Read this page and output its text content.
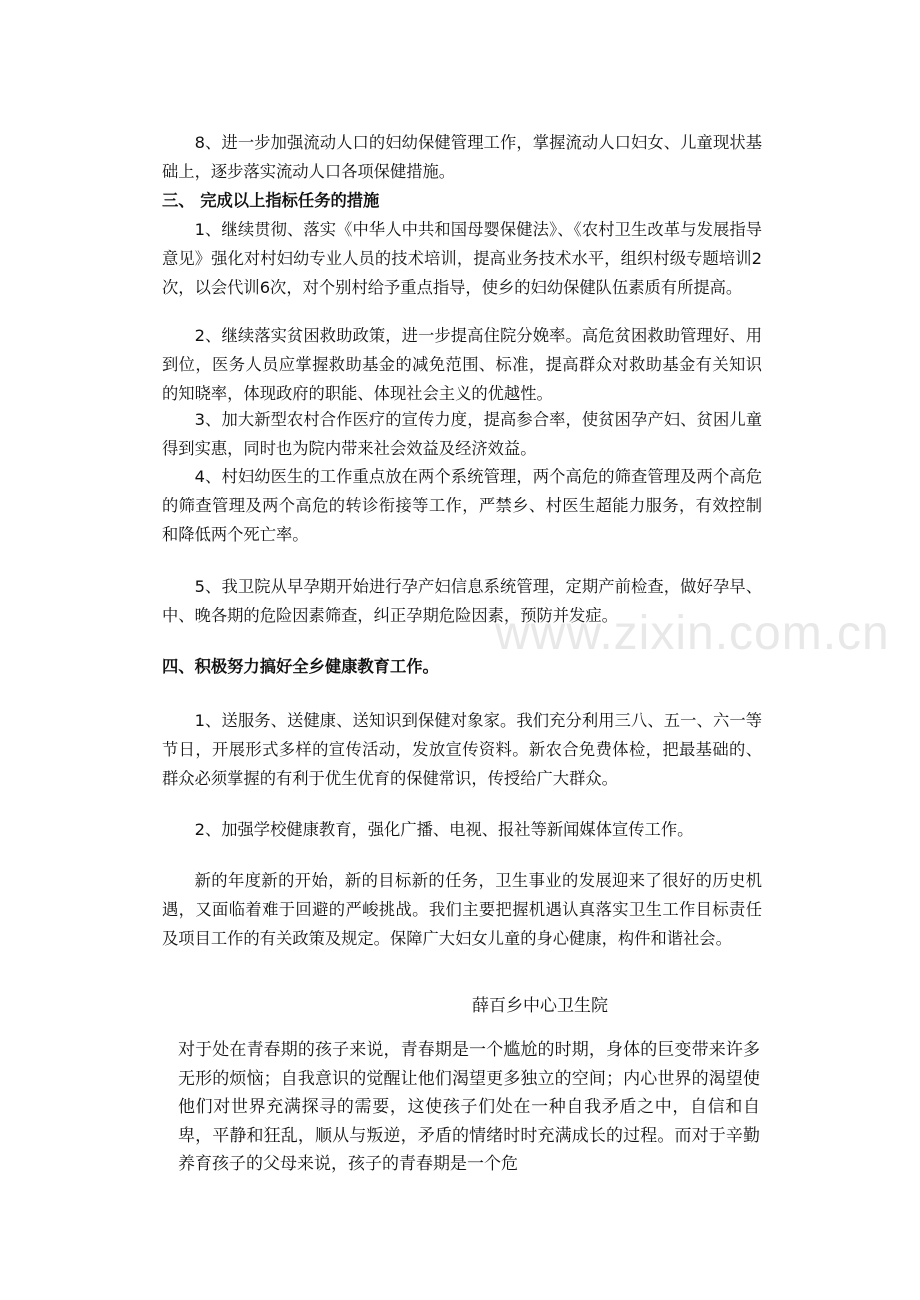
8、进一步加强流动人口的妇幼保健管理工作，掌握流动人口妇女、儿童现状基础上，逐步落实流动人口各项保健措施。

三、 完成以上指标任务的措施

1、继续贯彻、落实《中华人中共和国母婴保健法》、《农村卫生改革与发展指导意见》强化对村妇幼专业人员的技术培训，提高业务技术水平，组织村级专题培训2次，以会代训6次，对个别村给予重点指导，使乡的妇幼保健队伍素质有所提高。

2、继续落实贫困救助政策，进一步提高住院分娩率。高危贫困救助管理好、用到位，医务人员应掌握救助基金的减免范围、标准，提高群众对救助基金有关知识的知晓率，体现政府的职能、体现社会主义的优越性。

3、加大新型农村合作医疗的宣传力度，提高参合率，使贫困孕产妇、贫困儿童得到实惠，同时也为院内带来社会效益及经济效益。

4、村妇幼医生的工作重点放在两个系统管理，两个高危的筛查管理及两个高危的筛查管理及两个高危的转诊衔接等工作，严禁乡、村医生超能力服务，有效控制和降低两个死亡率。

5、我卫院从早孕期开始进行孕产妇信息系统管理，定期产前检查，做好孕早、中、晚各期的危险因素筛查，纠正孕期危险因素，预防并发症。

www.zixin.com.cn

四、积极努力搞好全乡健康教育工作。

1、送服务、送健康、送知识到保健对象家。我们充分利用三八、五一、六一等节日，开展形式多样的宣传活动，发放宣传资料。新农合免费体检，把最基础的、群众必须掌握的有利于优生优育的保健常识，传授给广大群众。

2、加强学校健康教育，强化广播、电视、报社等新闻媒体宣传工作。

新的年度新的开始，新的目标新的任务，卫生事业的发展迎来了很好的历史机遇，又面临着难于回避的严峻挑战。我们主要把握机遇认真落实卫生工作目标责任及项目工作的有关政策及规定。保障广大妇女儿童的身心健康，构件和谐社会。

薛百乡中心卫生院

对于处在青春期的孩子来说，青春期是一个尴尬的时期，身体的巨变带来许多无形的烦恼；自我意识的觉醒让他们渴望更多独立的空间；内心世界的渴望使他们对世界充满探寻的需要，这使孩子们处在一种自我矛盾之中，自信和自卑，平静和狂乱，顺从与叛逆，矛盾的情绪时时充满成长的过程。而对于辛勤养育孩子的父母来说，孩子的青春期是一个危
